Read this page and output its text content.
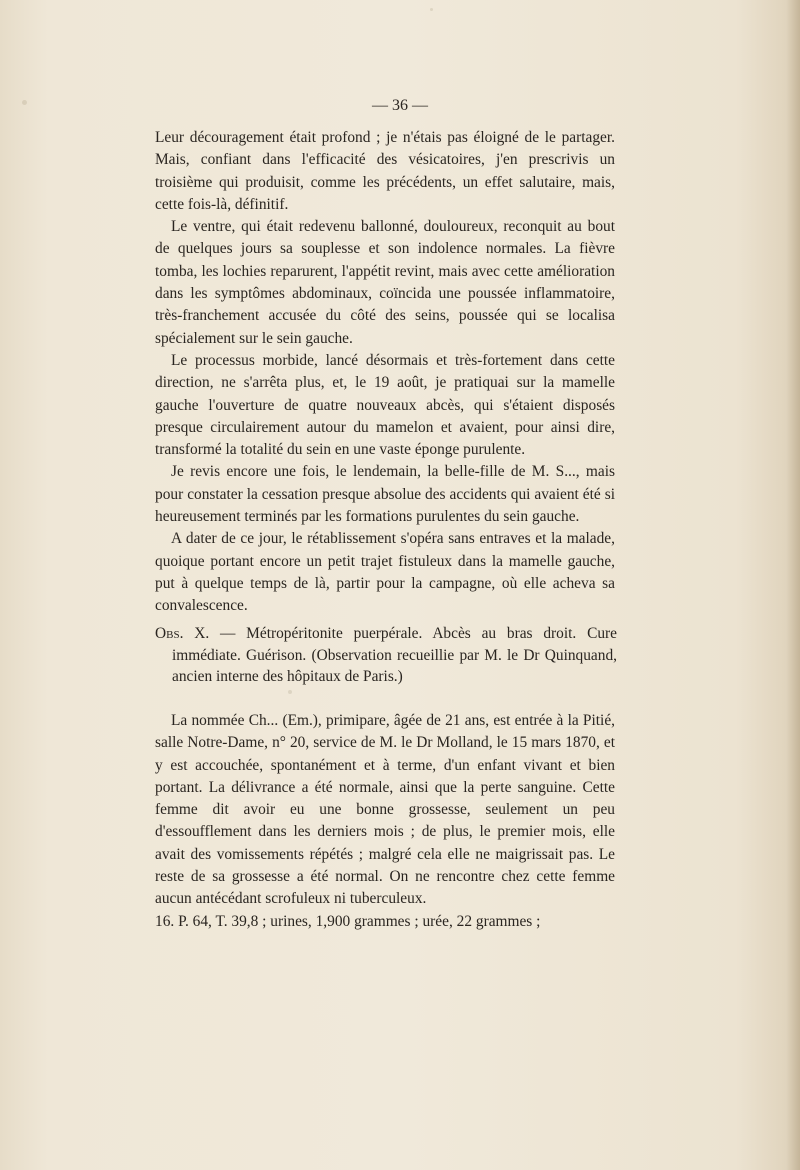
— 36 —

Leur découragement était profond ; je n'étais pas éloigné de le partager. Mais, confiant dans l'efficacité des vésicatoires, j'en prescrivis un troisième qui produisit, comme les précédents, un effet salutaire, mais, cette fois-là, définitif.

Le ventre, qui était redevenu ballonné, douloureux, reconquit au bout de quelques jours sa souplesse et son indolence normales. La fièvre tomba, les lochies reparurent, l'appétit revint, mais avec cette amélioration dans les symptômes abdominaux, coïncida une poussée inflammatoire, très-franchement accusée du côté des seins, poussée qui se localisa spécialement sur le sein gauche.

Le processus morbide, lancé désormais et très-fortement dans cette direction, ne s'arrêta plus, et, le 19 août, je pratiquai sur la mamelle gauche l'ouverture de quatre nouveaux abcès, qui s'étaient disposés presque circulairement autour du mamelon et avaient, pour ainsi dire, transformé la totalité du sein en une vaste éponge purulente.

Je revis encore une fois, le lendemain, la belle-fille de M. S..., mais pour constater la cessation presque absolue des accidents qui avaient été si heureusement terminés par les formations purulentes du sein gauche.

A dater de ce jour, le rétablissement s'opéra sans entraves et la malade, quoique portant encore un petit trajet fistuleux dans la mamelle gauche, put à quelque temps de là, partir pour la campagne, où elle acheva sa convalescence.

Obs. X. — Métropéritonite puerpérale. Abcès au bras droit. Cure immédiate. Guérison. (Observation recueillie par M. le Dr Quinquand, ancien interne des hôpitaux de Paris.)

La nommée Ch... (Em.), primipare, âgée de 21 ans, est entrée à la Pitié, salle Notre-Dame, n° 20, service de M. le Dr Molland, le 15 mars 1870, et y est accouchée, spontanément et à terme, d'un enfant vivant et bien portant. La délivrance a été normale, ainsi que la perte sanguine. Cette femme dit avoir eu une bonne grossesse, seulement un peu d'essoufflement dans les derniers mois ; de plus, le premier mois, elle avait des vomissements répétés ; malgré cela elle ne maigrissait pas. Le reste de sa grossesse a été normal. On ne rencontre chez cette femme aucun antécédant scrofuleux ni tuberculeux.

16. P. 64, T. 39,8 ; urines, 1,900 grammes ; urée, 22 grammes ;
